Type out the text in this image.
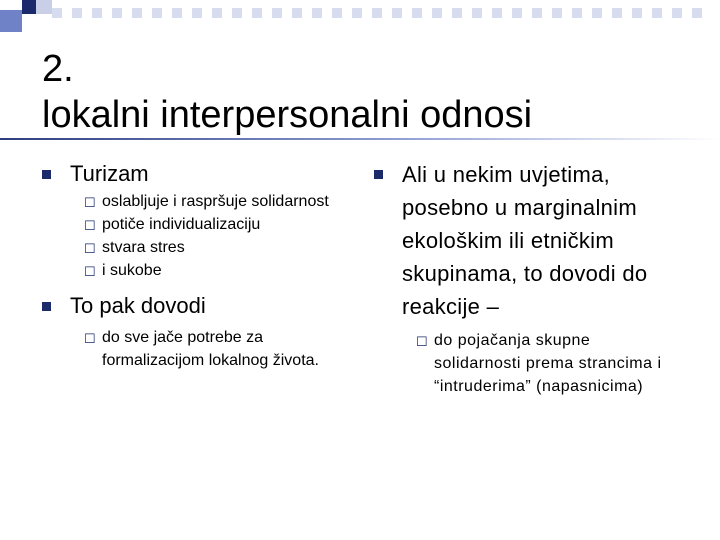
2.
lokalni interpersonalni odnosi
Turizam
☐ oslabljuje i raspršuje solidarnost
☐ potiče individualizaciju
☐ stvara stres
☐ i sukobe
To pak dovodi
☐ do sve jače potrebe za formalizacijom lokalnog života.
Ali u nekim uvjetima, posebno u marginalnim ekološkim ili etničkim skupinama, to dovodi do reakcije –
☐ do pojačanja skupne solidarnosti prema strancima i “intruderima” (napasnicima)
